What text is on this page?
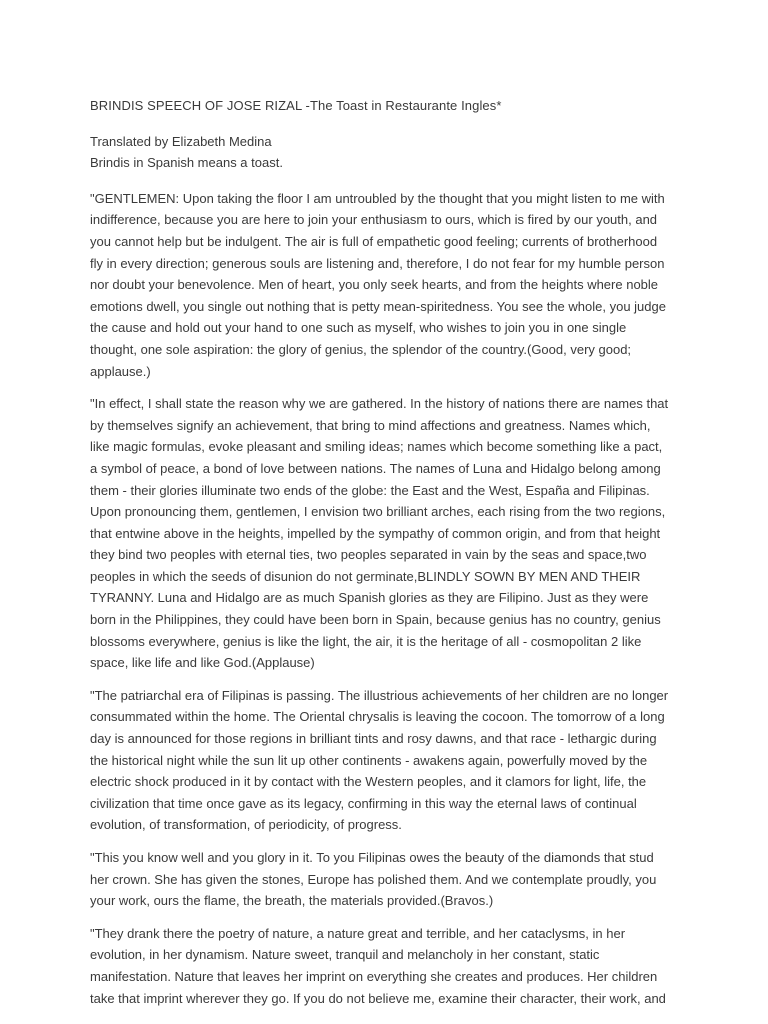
BRINDIS SPEECH OF JOSE RIZAL -The Toast in Restaurante Ingles*

Translated by Elizabeth Medina

Brindis in Spanish means a toast.

"GENTLEMEN: Upon taking the floor I am untroubled by the thought that you might listen to me with indifference, because you are here to join your enthusiasm to ours, which is fired by our youth, and you cannot help but be indulgent. The air is full of empathetic good feeling; currents of brotherhood fly in every direction; generous souls are listening and, therefore, I do not fear for my humble person nor doubt your benevolence. Men of heart, you only seek hearts, and from the heights where noble emotions dwell, you single out nothing that is petty mean-spiritedness. You see the whole, you judge the cause and hold out your hand to one such as myself, who wishes to join you in one single thought, one sole aspiration: the glory of genius, the splendor of the country.(Good, very good; applause.)

"In effect, I shall state the reason why we are gathered. In the history of nations there are names that by themselves signify an achievement, that bring to mind affections and greatness. Names which, like magic formulas, evoke pleasant and smiling ideas; names which become something like a pact, a symbol of peace, a bond of love between nations. The names of Luna and Hidalgo belong among them - their glories illuminate two ends of the globe: the East and the West, España and Filipinas. Upon pronouncing them, gentlemen, I envision two brilliant arches, each rising from the two regions, that entwine above in the heights, impelled by the sympathy of common origin, and from that height they bind two peoples with eternal ties, two peoples separated in vain by the seas and space,two peoples in which the seeds of disunion do not germinate,BLINDLY SOWN BY MEN AND THEIR TYRANNY. Luna and Hidalgo are as much Spanish glories as they are Filipino. Just as they were born in the Philippines, they could have been born in Spain, because genius has no country, genius blossoms everywhere, genius is like the light, the air, it is the heritage of all - cosmopolitan 2 like space, like life and like God.(Applause)

"The patriarchal era of Filipinas is passing. The illustrious achievements of her children are no longer consummated within the home. The Oriental chrysalis is leaving the cocoon. The tomorrow of a long day is announced for those regions in brilliant tints and rosy dawns, and that race - lethargic during the historical night while the sun lit up other continents - awakens again, powerfully moved by the electric shock produced in it by contact with the Western peoples, and it clamors for light, life, the civilization that time once gave as its legacy, confirming in this way the eternal laws of continual evolution, of transformation, of periodicity, of progress.

"This you know well and you glory in it. To you Filipinas owes the beauty of the diamonds that stud her crown. She has given the stones, Europe has polished them. And we contemplate proudly, you your work, ours the flame, the breath, the materials provided.(Bravos.)

"They drank there the poetry of nature, a nature great and terrible, and her cataclysms, in her evolution, in her dynamism. Nature sweet, tranquil and melancholy in her constant, static manifestation. Nature that leaves her imprint on everything she creates and produces. Her children take that imprint wherever they go. If you do not believe me, examine their character, their work, and
